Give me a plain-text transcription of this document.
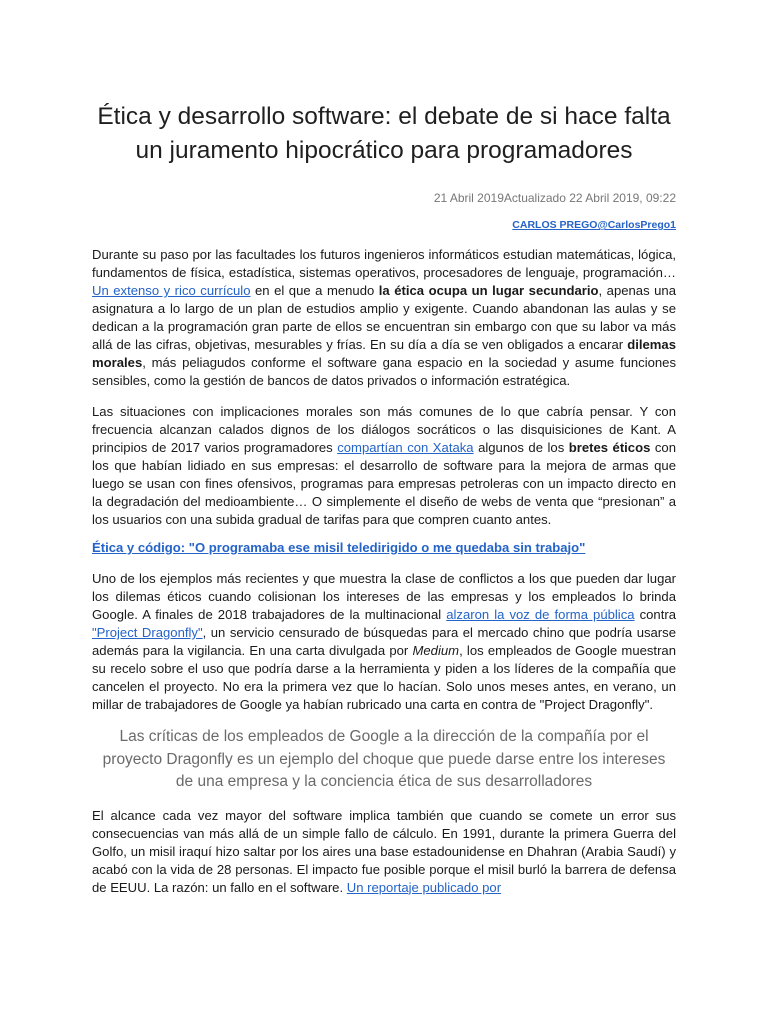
Ética y desarrollo software: el debate de si hace falta
un juramento hipocrático para programadores
21 Abril 2019Actualizado 22 Abril 2019, 09:22
CARLOS PREGO@CarlosPrego1

Durante su paso por las facultades los futuros ingenieros informáticos estudian matemáticas, lógica, fundamentos de física, estadística, sistemas operativos, procesadores de lenguaje, programación… Un extenso y rico currículo en el que a menudo la ética ocupa un lugar secundario, apenas una asignatura a lo largo de un plan de estudios amplio y exigente. Cuando abandonan las aulas y se dedican a la programación gran parte de ellos se encuentran sin embargo con que su labor va más allá de las cifras, objetivas, mesurables y frías. En su día a día se ven obligados a encarar dilemas morales, más peliagudos conforme el software gana espacio en la sociedad y asume funciones sensibles, como la gestión de bancos de datos privados o información estratégica.

Las situaciones con implicaciones morales son más comunes de lo que cabría pensar. Y con frecuencia alcanzan calados dignos de los diálogos socráticos o las disquisiciones de Kant. A principios de 2017 varios programadores compartían con Xataka algunos de los bretes éticos con los que habían lidiado en sus empresas: el desarrollo de software para la mejora de armas que luego se usan con fines ofensivos, programas para empresas petroleras con un impacto directo en la degradación del medioambiente… O simplemente el diseño de webs de venta que “presionan” a los usuarios con una subida gradual de tarifas para que compren cuanto antes.

Ética y código: "O programaba ese misil teledirigido o me quedaba sin trabajo"

Uno de los ejemplos más recientes y que muestra la clase de conflictos a los que pueden dar lugar los dilemas éticos cuando colisionan los intereses de las empresas y los empleados lo brinda Google. A finales de 2018 trabajadores de la multinacional alzaron la voz de forma pública contra "Project Dragonfly", un servicio censurado de búsquedas para el mercado chino que podría usarse además para la vigilancia. En una carta divulgada por Medium, los empleados de Google muestran su recelo sobre el uso que podría darse a la herramienta y piden a los líderes de la compañía que cancelen el proyecto. No era la primera vez que lo hacían. Solo unos meses antes, en verano, un millar de trabajadores de Google ya habían rubricado una carta en contra de "Project Dragonfly".

Las críticas de los empleados de Google a la dirección de la compañía por el proyecto Dragonfly es un ejemplo del choque que puede darse entre los intereses de una empresa y la conciencia ética de sus desarrolladores

El alcance cada vez mayor del software implica también que cuando se comete un error sus consecuencias van más allá de un simple fallo de cálculo. En 1991, durante la primera Guerra del Golfo, un misil iraquí hizo saltar por los aires una base estadounidense en Dhahran (Arabia Saudí) y acabó con la vida de 28 personas. El impacto fue posible porque el misil burló la barrera de defensa de EEUU. La razón: un fallo en el software. Un reportaje publicado por
